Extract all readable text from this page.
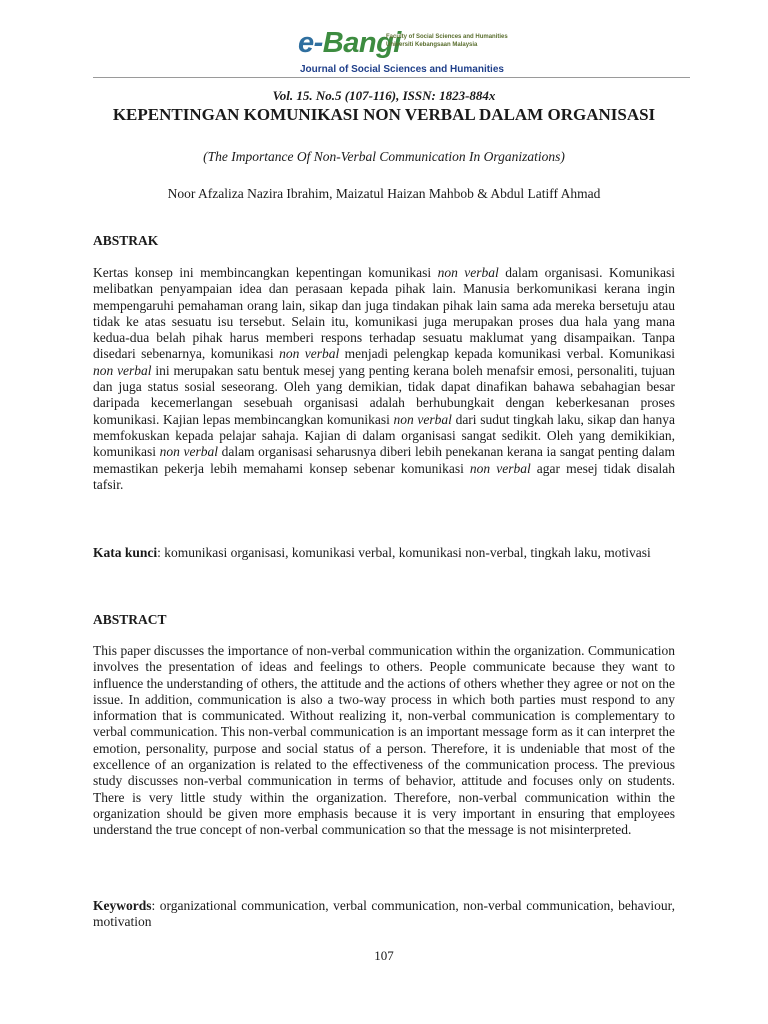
e-Bangi
Faculty of Social Sciences and Humanities
Universiti Kebangsaan Malaysia
Journal of Social Sciences and Humanities
Vol. 15. No.5 (107-116), ISSN: 1823-884x
KEPENTINGAN KOMUNIKASI NON VERBAL DALAM ORGANISASI
(The Importance Of Non-Verbal Communication In Organizations)
Noor Afzaliza Nazira Ibrahim, Maizatul Haizan Mahbob & Abdul Latiff Ahmad
ABSTRAK

Kertas konsep ini membincangkan kepentingan komunikasi non verbal dalam organisasi. Komunikasi melibatkan penyampaian idea dan perasaan kepada pihak lain. Manusia berkomunikasi kerana ingin mempengaruhi pemahaman orang lain, sikap dan juga tindakan pihak lain sama ada mereka bersetuju atau tidak ke atas sesuatu isu tersebut. Selain itu, komunikasi juga merupakan proses dua hala yang mana kedua-dua belah pihak harus memberi respons terhadap sesuatu maklumat yang disampaikan. Tanpa disedari sebenarnya, komunikasi non verbal menjadi pelengkap kepada komunikasi verbal. Komunikasi non verbal ini merupakan satu bentuk mesej yang penting kerana boleh menafsir emosi, personaliti, tujuan dan juga status sosial seseorang. Oleh yang demikian, tidak dapat dinafikan bahawa sebahagian besar daripada kecemerlangan sesebuah organisasi adalah berhubungkait dengan keberkesanan proses komunikasi. Kajian lepas membincangkan komunikasi non verbal dari sudut tingkah laku, sikap dan hanya memfokuskan kepada pelajar sahaja. Kajian di dalam organisasi sangat sedikit. Oleh yang demikikian, komunikasi non verbal dalam organisasi seharusnya diberi lebih penekanan kerana ia sangat penting dalam memastikan pekerja lebih memahami konsep sebenar komunikasi non verbal agar mesej tidak disalah tafsir.

Kata kunci: komunikasi organisasi, komunikasi verbal, komunikasi non-verbal, tingkah laku, motivasi

ABSTRACT

This paper discusses the importance of non-verbal communication within the organization. Communication involves the presentation of ideas and feelings to others. People communicate because they want to influence the understanding of others, the attitude and the actions of others whether they agree or not on the issue. In addition, communication is also a two-way process in which both parties must respond to any information that is communicated. Without realizing it, non-verbal communication is complementary to verbal communication. This non-verbal communication is an important message form as it can interpret the emotion, personality, purpose and social status of a person. Therefore, it is undeniable that most of the excellence of an organization is related to the effectiveness of the communication process. The previous study discusses non-verbal communication in terms of behavior, attitude and focuses only on students. There is very little study within the organization. Therefore, non-verbal communication within the organization should be given more emphasis because it is very important in ensuring that employees understand the true concept of non-verbal communication so that the message is not misinterpreted.

Keywords: organizational communication, verbal communication, non-verbal communication, behaviour, motivation

107
